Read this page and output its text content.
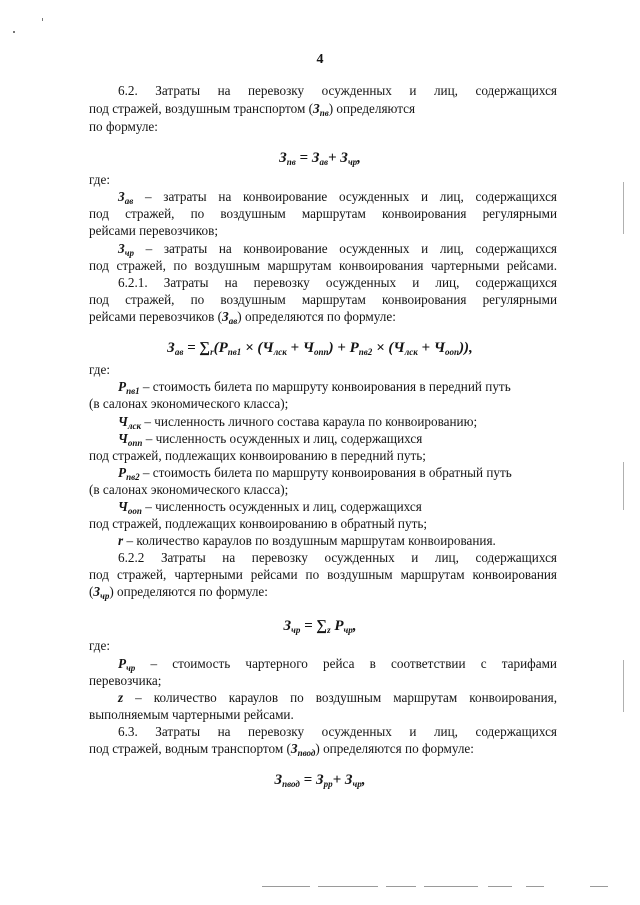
4
6.2. Затраты на перевозку осужденных и лиц, содержащихся
под стражей, воздушным транспортом $(З_{пв})$ определяются
по формуле:
$З_{пв} = З_{ав}+ З_{чр}$,
где:
$З_{ав}$ – затраты на конвоирование осужденных и лиц, содержащихся
под стражей, по воздушным маршрутам конвоирования регулярными
рейсами перевозчиков;
$З_{чр}$ – затраты на конвоирование осужденных и лиц, содержащихся
под стражей, по воздушным маршрутам конвоирования чартерными рейсами.
6.2.1. Затраты на перевозку осужденных и лиц, содержащихся
под стражей, по воздушным маршрутам конвоирования регулярными
рейсами перевозчиков $(З_{ав})$ определяются по формуле:
$З_{ав} = \sum_r(P_{пв1} \times (Ч_{лск} + Ч_{опп}) + P_{пв2} \times (Ч_{лск} + Ч_{оon}))$,
где:
$P_{пв1}$ – стоимость билета по маршруту конвоирования в передний путь
(в салонах экономического класса);
$Ч_{лск}$ – численность личного состава караула по конвоированию;
$Ч_{опп}$ – численность осужденных и лиц, содержащихся
под стражей, подлежащих конвоированию в передний путь;
$P_{пв2}$ – стоимость билета по маршруту конвоирования в обратный путь
(в салонах экономического класса);
$Ч_{оon}$ – численность осужденных и лиц, содержащихся
под стражей, подлежащих конвоированию в обратный путь;
r – количество караулов по воздушным маршрутам конвоирования.
6.2.2 Затраты на перевозку осужденных и лиц, содержащихся
под стражей, чартерными рейсами по воздушным маршрутам конвоирования
$(З_{чр})$ определяются по формуле:
$З_{чр} = \sum_z$ $P_{чр}$,
где:
$P_{чр}$ – стоимость чартерного рейса в соответствии с тарифами
перевозчика;
z – количество караулов по воздушным маршрутам конвоирования,
выполняемым чартерными рейсами.
6.3. Затраты на перевозку осужденных и лиц, содержащихся
под стражей, водным транспортом $(З_{пвод})$ определяются по формуле:
$З_{пвод} = З_{рр}+ З_{чр}$,
